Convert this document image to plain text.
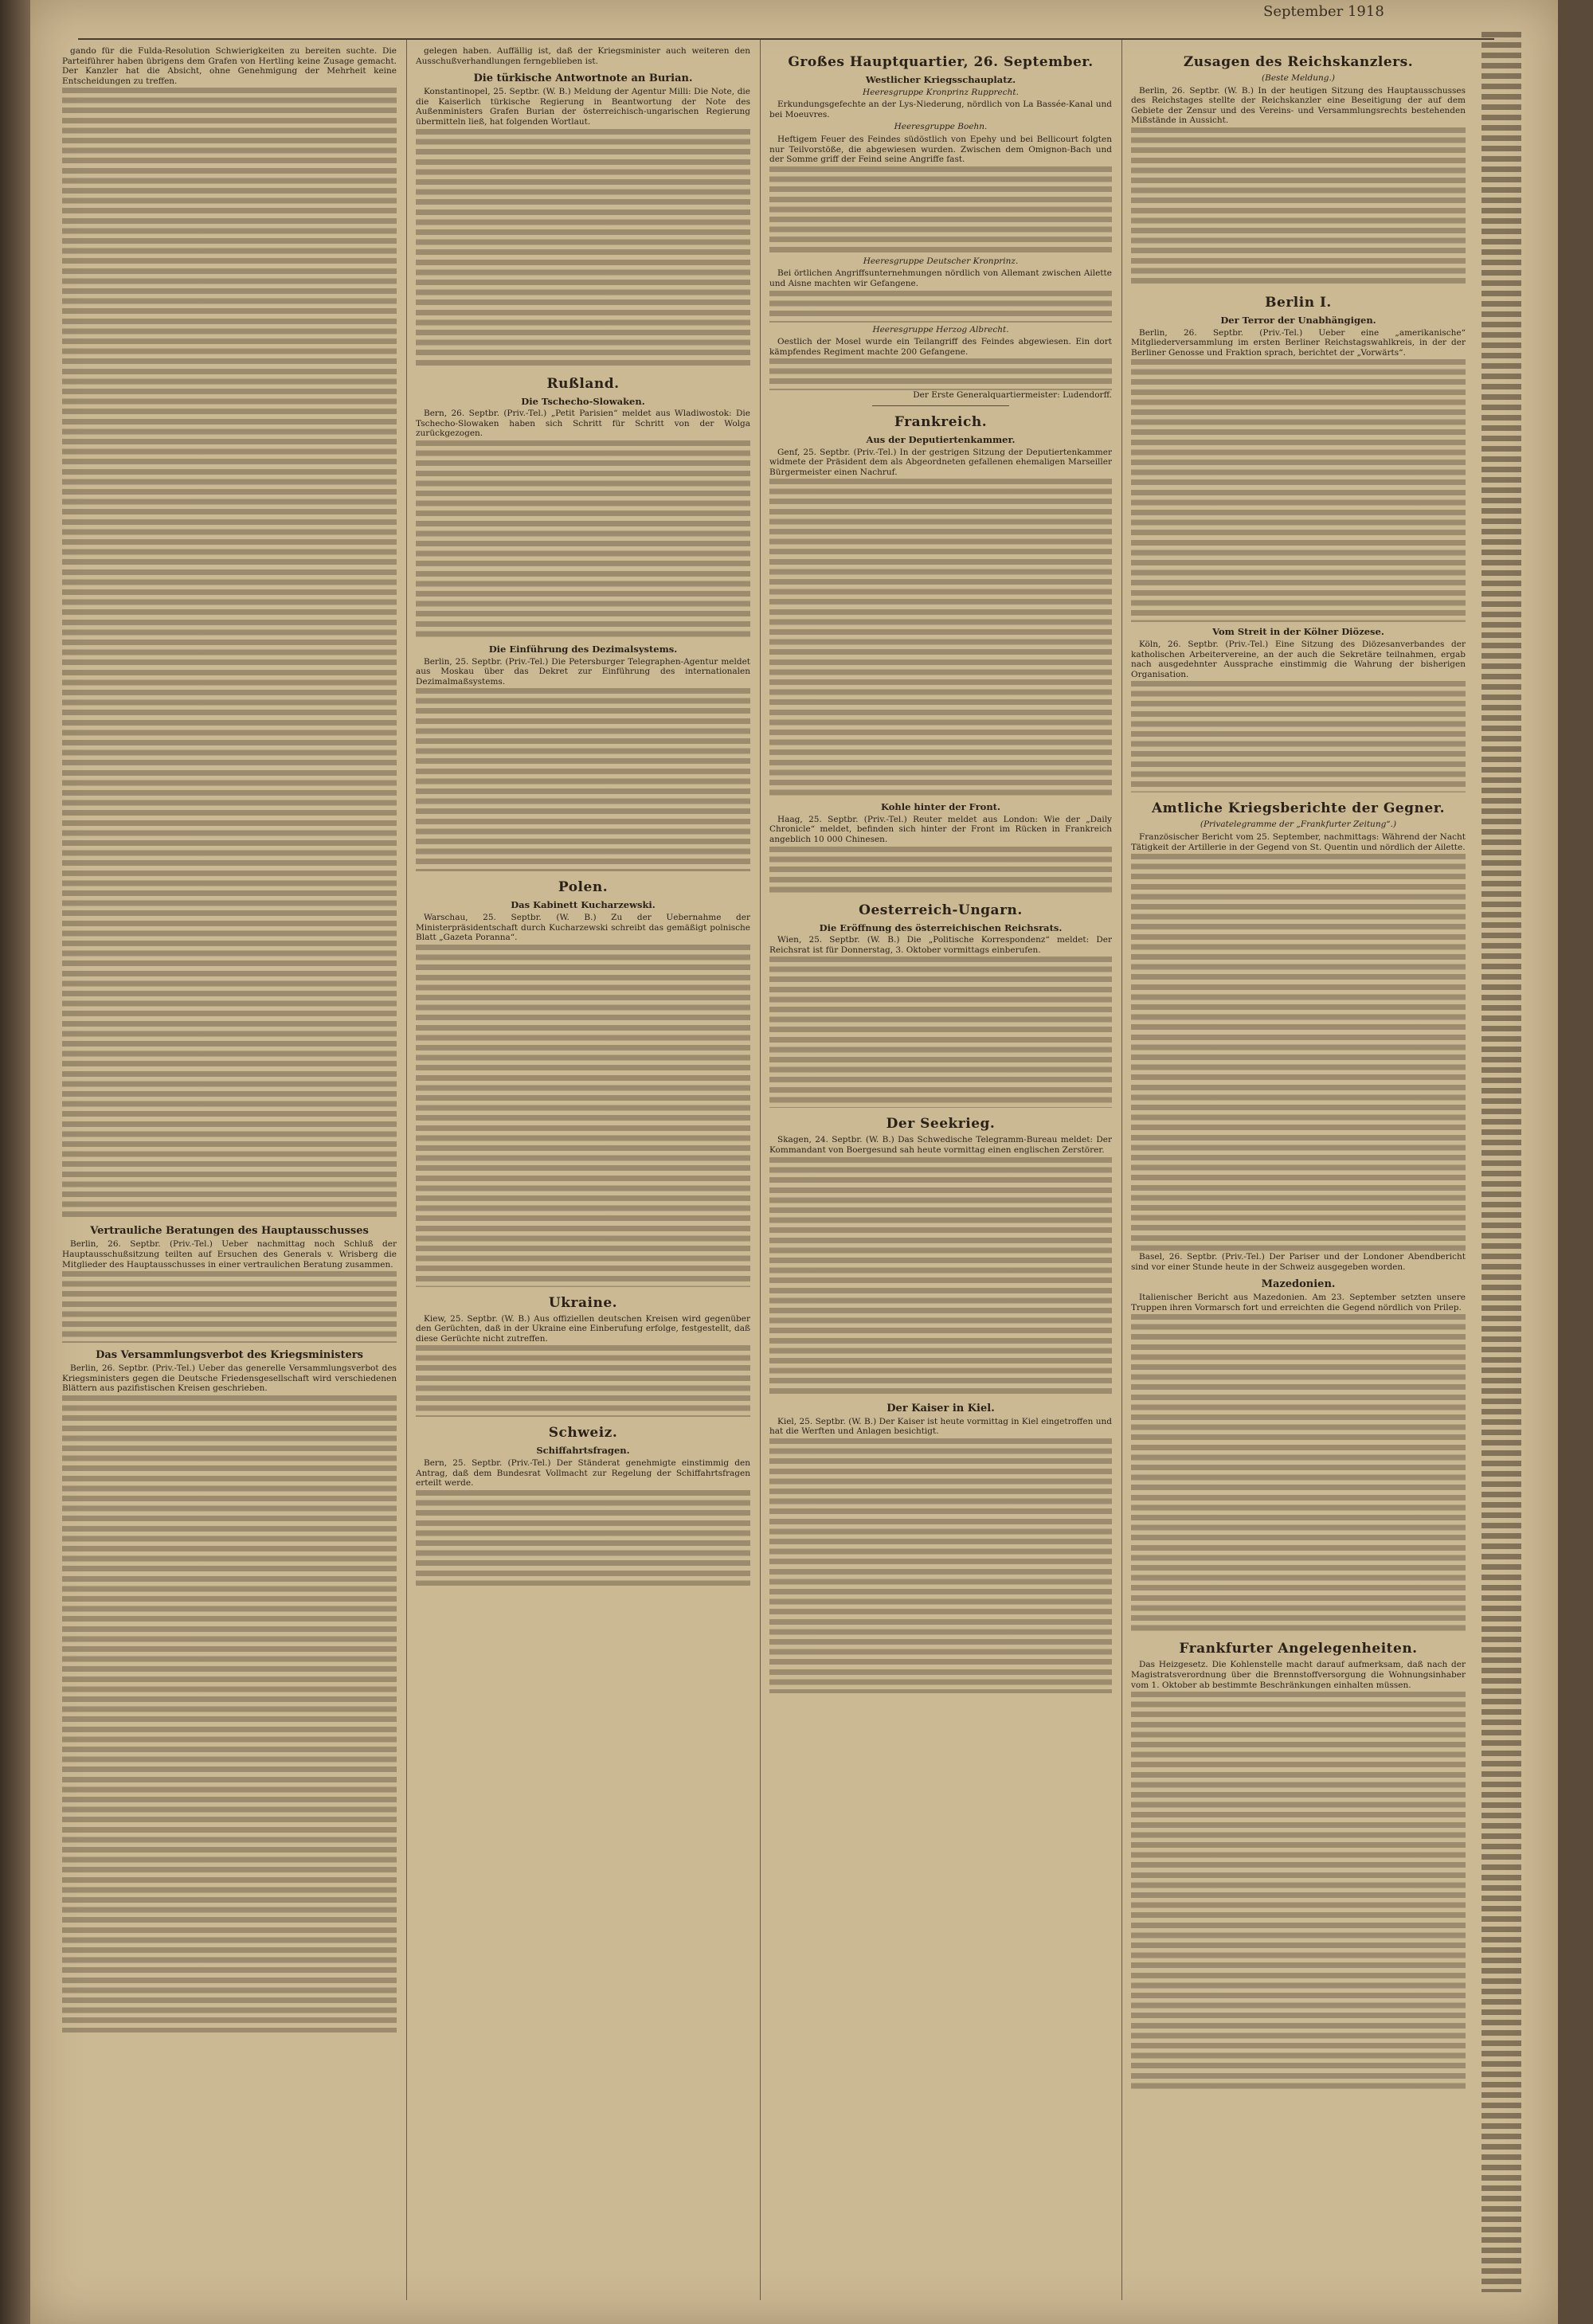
September 1918

gando für die Fulda-Resolution Schwierigkeiten zu bereiten suchte. Die Parteiführer haben übrigens dem Grafen von Hertling keine Zusage gemacht. Der Kanzler hat die Absicht, ohne Genehmigung der Mehrheit keine Entscheidungen zu treffen.

Vertrauliche Beratungen des Hauptausschusses

Berlin, 26. Septbr. (Priv.-Tel.) Ueber nachmittag noch Schluß der Hauptausschußsitzung teilten auf Ersuchen des Generals v. Wrisberg die Mitglieder des Hauptausschusses in einer vertraulichen Beratung zusammen.

Das Versammlungsverbot des Kriegsministers

Berlin, 26. Septbr. (Priv.-Tel.) Ueber das generelle Versammlungsverbot des Kriegsministers gegen die Deutsche Friedensgesellschaft wird verschiedenen Blättern aus pazifistischen Kreisen geschrieben.

gelegen haben. Auffällig ist, daß der Kriegsminister auch weiteren den Ausschußverhandlungen ferngeblieben ist.

Die türkische Antwortnote an Burian.

Konstantinopel, 25. Septbr. (W. B.) Meldung der Agentur Milli: Die Note, die die Kaiserlich türkische Regierung in Beantwortung der Note des Außenministers Grafen Burian der österreichisch-ungarischen Regierung übermitteln ließ, hat folgenden Wortlaut.

Rußland.
Die Tschecho-Slowaken.

Bern, 26. Septbr. (Priv.-Tel.) „Petit Parisien“ meldet aus Wladiwostok: Die Tschecho-Slowaken haben sich Schritt für Schritt von der Wolga zurückgezogen.

Die Einführung des Dezimalsystems.

Berlin, 25. Septbr. (Priv.-Tel.) Die Petersburger Telegraphen-Agentur meldet aus Moskau über das Dekret zur Einführung des internationalen Dezimalmaßsystems.

Polen.
Das Kabinett Kucharzewski.

Warschau, 25. Septbr. (W. B.) Zu der Uebernahme der Ministerpräsidentschaft durch Kucharzewski schreibt das gemäßigt polnische Blatt „Gazeta Poranna“.

Ukraine.

Kiew, 25. Septbr. (W. B.) Aus offiziellen deutschen Kreisen wird gegenüber den Gerüchten, daß in der Ukraine eine Einberufung erfolge, festgestellt, daß diese Gerüchte nicht zutreffen.

Schweiz.
Schiffahrtsfragen.

Bern, 25. Septbr. (Priv.-Tel.) Der Ständerat genehmigte einstimmig den Antrag, daß dem Bundesrat Vollmacht zur Regelung der Schiffahrtsfragen erteilt werde.

Großes Hauptquartier, 26. September.
Westlicher Kriegsschauplatz.
Heeresgruppe Kronprinz Rupprecht.

Erkundungsgefechte an der Lys-Niederung, nördlich von La Bassée-Kanal und bei Moeuvres.

Heeresgruppe Boehn.

Heftigem Feuer des Feindes südöstlich von Epehy und bei Bellicourt folgten nur Teilvorstöße, die abgewiesen wurden. Zwischen dem Omignon-Bach und der Somme griff der Feind seine Angriffe fast.

Heeresgruppe Deutscher Kronprinz.

Bei örtlichen Angriffsunternehmungen nördlich von Allemant zwischen Ailette und Aisne machten wir Gefangene.

Heeresgruppe Herzog Albrecht.

Oestlich der Mosel wurde ein Teilangriff des Feindes abgewiesen. Ein dort kämpfendes Regiment machte 200 Gefangene.

Der Erste Generalquartiermeister: Ludendorff.

Frankreich.
Aus der Deputiertenkammer.

Genf, 25. Septbr. (Priv.-Tel.) In der gestrigen Sitzung der Deputiertenkammer widmete der Präsident dem als Abgeordneten gefallenen ehemaligen Marseiller Bürgermeister einen Nachruf.

Kohle hinter der Front.

Haag, 25. Septbr. (Priv.-Tel.) Reuter meldet aus London: Wie der „Daily Chronicle“ meldet, befinden sich hinter der Front im Rücken in Frankreich angeblich 10 000 Chinesen.

Oesterreich-Ungarn.
Die Eröffnung des österreichischen Reichsrats.

Wien, 25. Septbr. (W. B.) Die „Politische Korrespondenz“ meldet: Der Reichsrat ist für Donnerstag, 3. Oktober vormittags einberufen.

Der Seekrieg.

Skagen, 24. Septbr. (W. B.) Das Schwedische Telegramm-Bureau meldet: Der Kommandant von Boergesund sah heute vormittag einen englischen Zerstörer.

Der Kaiser in Kiel.

Kiel, 25. Septbr. (W. B.) Der Kaiser ist heute vormittag in Kiel eingetroffen und hat die Werften und Anlagen besichtigt.

Zusagen des Reichskanzlers.
(Beste Meldung.)

Berlin, 26. Septbr. (W. B.) In der heutigen Sitzung des Hauptausschusses des Reichstages stellte der Reichskanzler eine Beseitigung der auf dem Gebiete der Zensur und des Vereins- und Versammlungsrechts bestehenden Mißstände in Aussicht.

Berlin I.
Der Terror der Unabhängigen.

Berlin, 26. Septbr. (Priv.-Tel.) Ueber eine „amerikanische“ Mitgliederversammlung im ersten Berliner Reichstagswahlkreis, in der der Berliner Genosse und Fraktion sprach, berichtet der „Vorwärts“.

Vom Streit in der Kölner Diözese.

Köln, 26. Septbr. (Priv.-Tel.) Eine Sitzung des Diözesanverbandes der katholischen Arbeitervereine, an der auch die Sekretäre teilnahmen, ergab nach ausgedehnter Aussprache einstimmig die Wahrung der bisherigen Organisation.

Amtliche Kriegsberichte der Gegner.
(Privatelegramme der „Frankfurter Zeitung“.)

Französischer Bericht vom 25. September, nachmittags: Während der Nacht Tätigkeit der Artillerie in der Gegend von St. Quentin und nördlich der Ailette.

Basel, 26. Septbr. (Priv.-Tel.) Der Pariser und der Londoner Abendbericht sind vor einer Stunde heute in der Schweiz ausgegeben worden.

Mazedonien.

Italienischer Bericht aus Mazedonien. Am 23. September setzten unsere Truppen ihren Vormarsch fort und erreichten die Gegend nördlich von Prilep.

Frankfurter Angelegenheiten.

Das Heizgesetz. Die Kohlenstelle macht darauf aufmerksam, daß nach der Magistratsverordnung über die Brennstoffversorgung die Wohnungsinhaber vom 1. Oktober ab bestimmte Beschränkungen einhalten müssen.
